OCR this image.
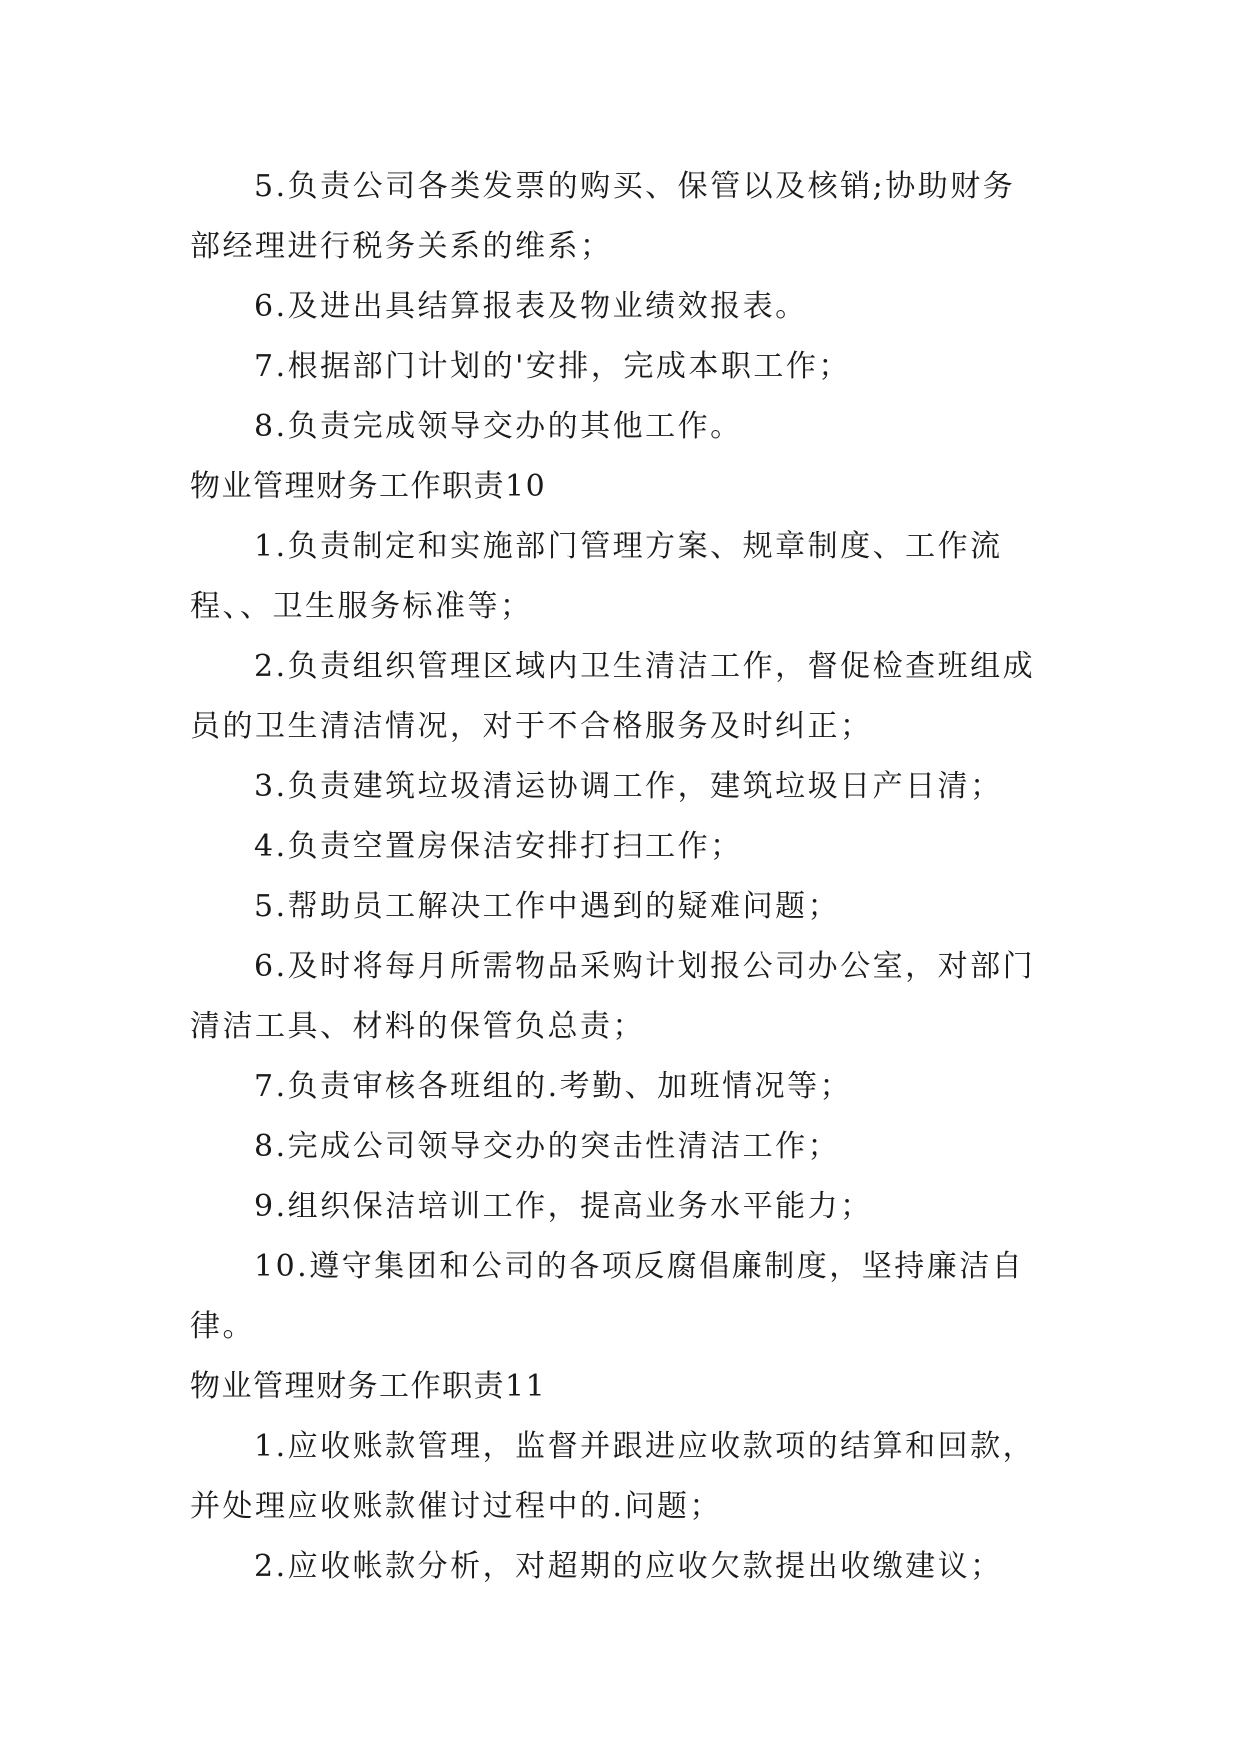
5.负责公司各类发票的购买、保管以及核销;协助财务
部经理进行税务关系的维系；
6.及进出具结算报表及物业绩效报表。
7.根据部门计划的'安排，完成本职工作；
8.负责完成领导交办的其他工作。
物业管理财务工作职责10
1.负责制定和实施部门管理方案、规章制度、工作流
程、、卫生服务标准等；
2.负责组织管理区域内卫生清洁工作，督促检查班组成
员的卫生清洁情况，对于不合格服务及时纠正；
3.负责建筑垃圾清运协调工作，建筑垃圾日产日清；
4.负责空置房保洁安排打扫工作；
5.帮助员工解决工作中遇到的疑难问题；
6.及时将每月所需物品采购计划报公司办公室，对部门
清洁工具、材料的保管负总责；
7.负责审核各班组的.考勤、加班情况等；
8.完成公司领导交办的突击性清洁工作；
9.组织保洁培训工作，提高业务水平能力；
10.遵守集团和公司的各项反腐倡廉制度，坚持廉洁自
律。
物业管理财务工作职责11
1.应收账款管理，监督并跟进应收款项的结算和回款，
并处理应收账款催讨过程中的.问题；
2.应收帐款分析，对超期的应收欠款提出收缴建议；
